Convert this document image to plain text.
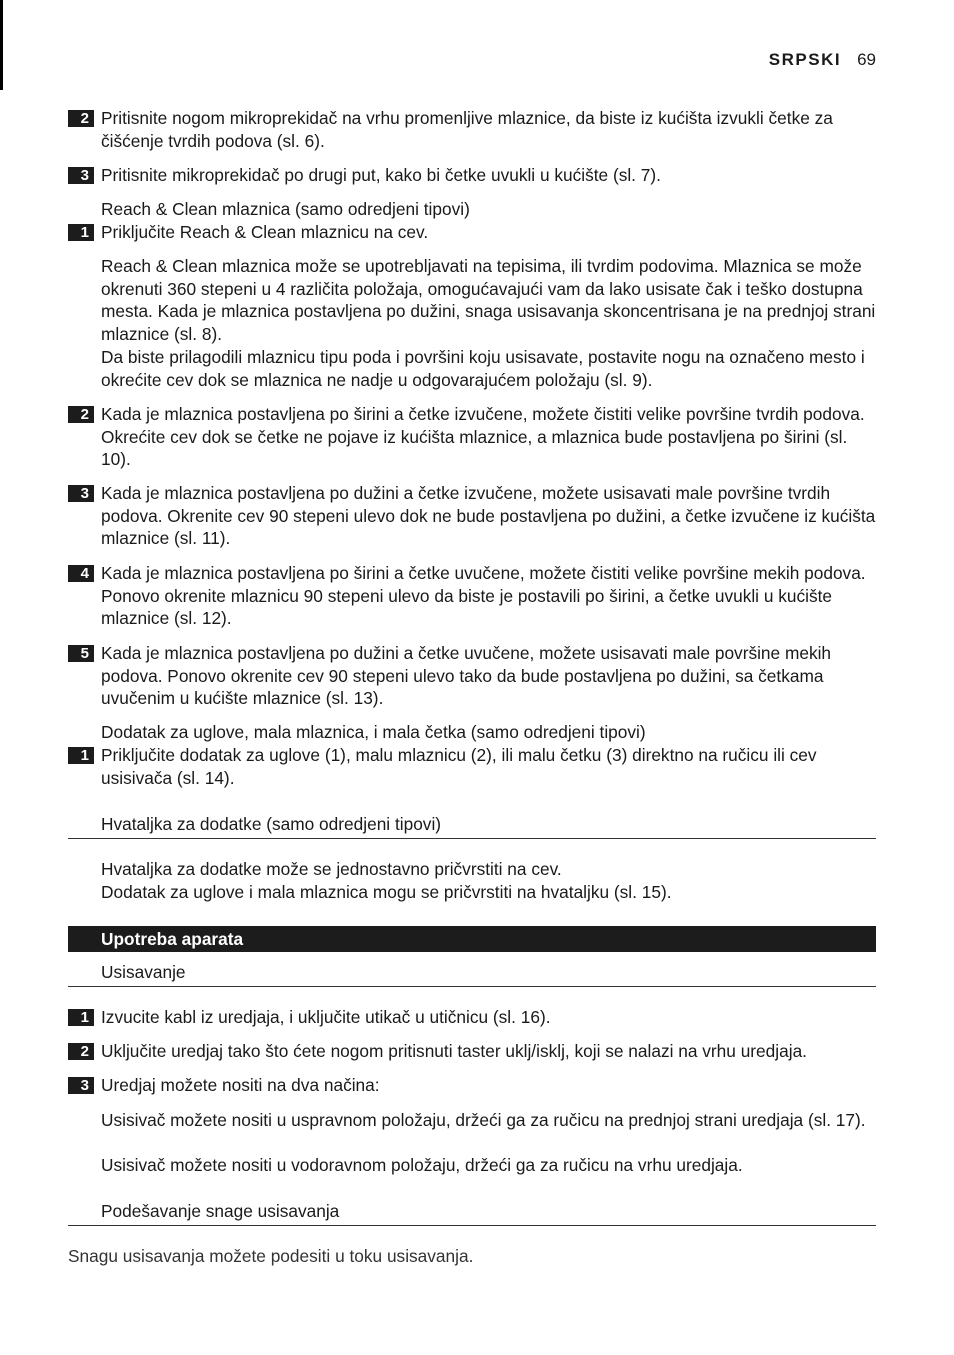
SRPSKI 69
2 Pritisnite nogom mikroprekidač na vrhu promenljive mlaznice, da biste iz kućišta izvukli četke za čišćenje tvrdih podova (sl. 6).

3 Pritisnite mikroprekidač po drugi put, kako bi četke uvukli u kućište (sl. 7).

Reach & Clean mlaznica (samo odredjeni tipovi)

1 Priključite Reach & Clean mlaznicu na cev.

Reach & Clean mlaznica može se upotrebljavati na tepisima, ili tvrdim podovima. Mlaznica se može okrenuti 360 stepeni u 4 različita položaja, omogućavajući vam da lako usisate čak i teško dostupna mesta. Kada je mlaznica postavljena po dužini, snaga usisavanja skoncentrisana je na prednjoj strani mlaznice (sl. 8).

Da biste prilagodili mlaznicu tipu poda i površini koju usisavate, postavite nogu na označeno mesto i okrećite cev dok se mlaznica ne nadje u odgovarajućem položaju (sl. 9).

2 Kada je mlaznica postavljena po širini a četke izvučene, možete čistiti velike površine tvrdih podova. Okrećite cev dok se četke ne pojave iz kućišta mlaznice, a mlaznica bude postavljena po širini (sl. 10).

3 Kada je mlaznica postavljena po dužini a četke izvučene, možete usisavati male površine tvrdih podova. Okrenite cev 90 stepeni ulevo dok ne bude postavljena po dužini, a četke izvučene iz kućišta mlaznice (sl. 11).

4 Kada je mlaznica postavljena po širini a četke uvučene, možete čistiti velike površine mekih podova. Ponovo okrenite mlaznicu 90 stepeni ulevo da biste je postavili po širini, a četke uvukli u kućište mlaznice (sl. 12).

5 Kada je mlaznica postavljena po dužini a četke uvučene, možete usisavati male površine mekih podova. Ponovo okrenite cev 90 stepeni ulevo tako da bude postavljena po dužini, sa četkama uvučenim u kućište mlaznice (sl. 13).

Dodatak za uglove, mala mlaznica, i mala četka (samo odredjeni tipovi)

1 Priključite dodatak za uglove (1), malu mlaznicu (2), ili malu četku (3) direktno na ručicu ili cev usisivača (sl. 14).

Hvataljka za dodatke (samo odredjeni tipovi)

Hvataljka za dodatke može se jednostavno pričvrstiti na cev.

Dodatak za uglove i mala mlaznica mogu se pričvrstiti na hvataljku (sl. 15).

Upotreba aparata
Usisavanje
1 Izvucite kabl iz uredjaja, i uključite utikač u utičnicu (sl. 16).

2 Uključite uredjaj tako što ćete nogom pritisnuti taster uklj/isklj, koji se nalazi na vrhu uredjaja.

3 Uredjaj možete nositi na dva načina:

Usisivač možete nositi u uspravnom položaju, držeći ga za ručicu na prednjoj strani uredjaja (sl. 17).

Usisivač možete nositi u vodoravnom položaju, držeći ga za ručicu na vrhu uredjaja.

Podešavanje snage usisavanja

Snagu usisavanja možete podesiti u toku usisavanja.
